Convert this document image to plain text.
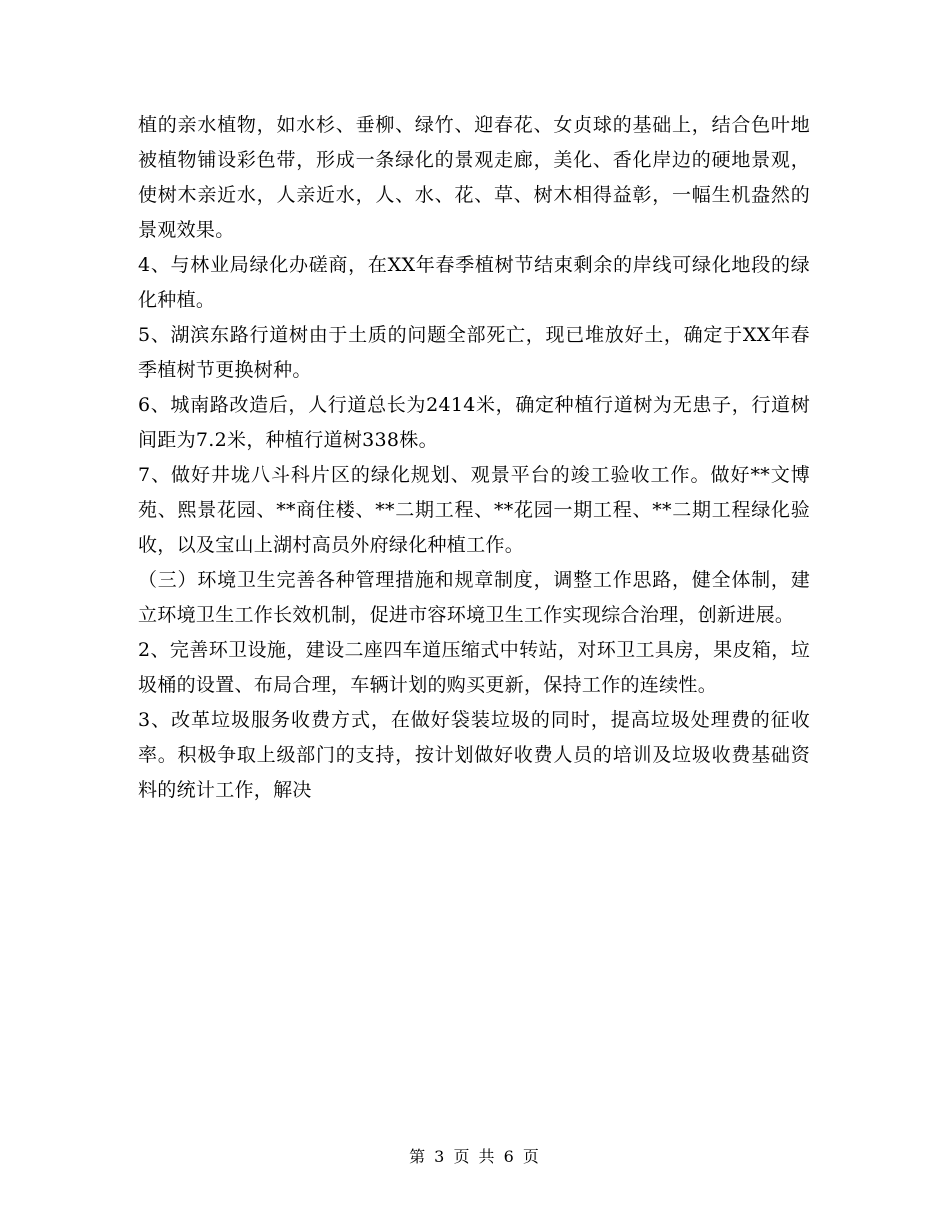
植的亲水植物，如水杉、垂柳、绿竹、迎春花、女贞球的基础上，结合色叶地被植物铺设彩色带，形成一条绿化的景观走廊，美化、香化岸边的硬地景观，使树木亲近水，人亲近水，人、水、花、草、树木相得益彰，一幅生机盎然的景观效果。

4、与林业局绿化办磋商，在XX年春季植树节结束剩余的岸线可绿化地段的绿化种植。

5、湖滨东路行道树由于土质的问题全部死亡，现已堆放好土，确定于XX年春季植树节更换树种。

6、城南路改造后，人行道总长为2414米，确定种植行道树为无患子，行道树间距为7.2米，种植行道树338株。

7、做好井垅八斗科片区的绿化规划、观景平台的竣工验收工作。做好**文博苑、熙景花园、**商住楼、**二期工程、**花园一期工程、**二期工程绿化验收，以及宝山上湖村高员外府绿化种植工作。

（三）环境卫生完善各种管理措施和规章制度，调整工作思路，健全体制，建立环境卫生工作长效机制，促进市容环境卫生工作实现综合治理，创新进展。

2、完善环卫设施，建设二座四车道压缩式中转站，对环卫工具房，果皮箱，垃圾桶的设置、布局合理，车辆计划的购买更新，保持工作的连续性。

3、改革垃圾服务收费方式，在做好袋装垃圾的同时，提高垃圾处理费的征收率。积极争取上级部门的支持，按计划做好收费人员的培训及垃圾收费基础资料的统计工作，解决

第 3 页 共 6 页
